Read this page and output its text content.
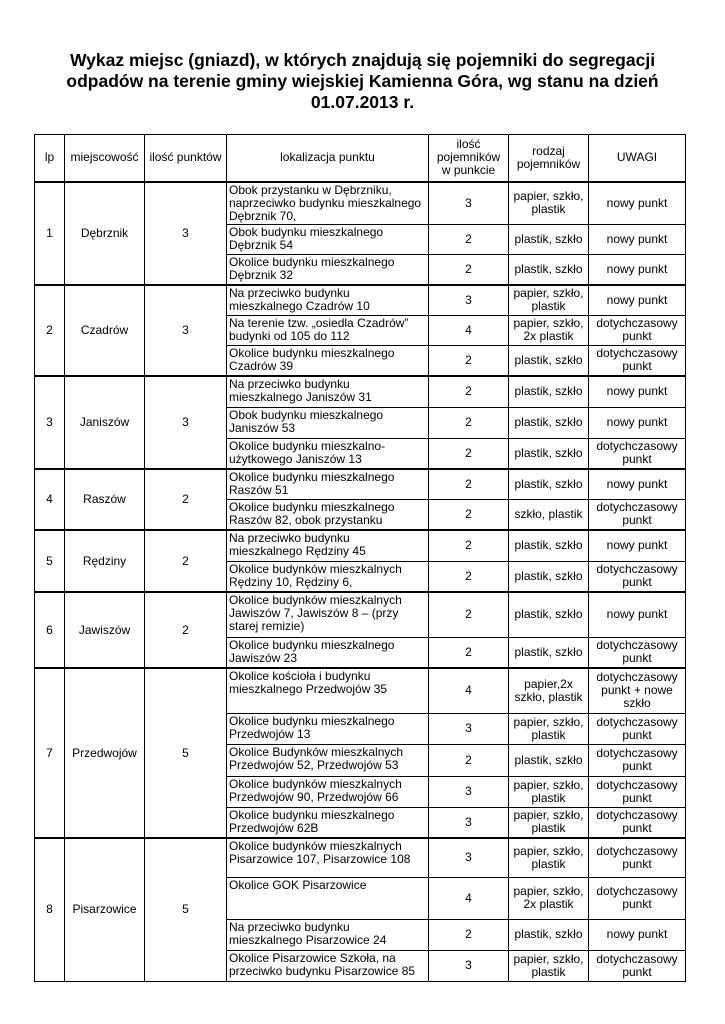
Wykaz miejsc (gniazd), w których znajdują się pojemniki do segregacji odpadów na terenie gminy wiejskiej Kamienna Góra, wg stanu na dzień 01.07.2013 r.
lp	miejscowość	ilość punktów	lokalizacja punktu	ilość pojemników w punkcie	rodzaj pojemników	UWAGI
1	Dębrznik	3	Obok przystanku w Dębrzniku, naprzeciwko budynku mieszkalnego Dębrznik 70,	3	papier, szkło, plastik	nowy punkt
			Obok budynku mieszkalnego Dębrznik 54	2	plastik, szkło	nowy punkt
			Okolice budynku mieszkalnego Dębrznik 32	2	plastik, szkło	nowy punkt
2	Czadrów	3	Na przeciwko budynku mieszkalnego Czadrów 10	3	papier, szkło, plastik	nowy punkt
			Na terenie tzw. „osiedla Czadrów” budynki od 105 do 112	4	papier, szkło, 2x plastik	dotychczasowy punkt
			Okolice budynku mieszkalnego Czadrów 39	2	plastik, szkło	dotychczasowy punkt
3	Janiszów	3	Na przeciwko budynku mieszkalnego Janiszów 31	2	plastik, szkło	nowy punkt
			Obok budynku mieszkalnego Janiszów 53	2	plastik, szkło	nowy punkt
			Okolice budynku mieszkalno-użytkowego Janiszów 13	2	plastik, szkło	dotychczasowy punkt
4	Raszów	2	Okolice budynku mieszkalnego Raszów 51	2	plastik, szkło	nowy punkt
			Okolice budynku mieszkalnego Raszów 82, obok przystanku	2	szkło, plastik	dotychczasowy punkt
5	Rędziny	2	Na przeciwko budynku mieszkalnego Rędziny 45	2	plastik, szkło	nowy punkt
			Okolice budynków mieszkalnych Rędziny 10, Rędziny 6,	2	plastik, szkło	dotychczasowy punkt
6	Jawiszów	2	Okolice budynków mieszkalnych Jawiszów 7, Jawiszów 8 – (przy starej remizie)	2	plastik, szkło	nowy punkt
			Okolice budynku mieszkalnego Jawiszów 23	2	plastik, szkło	dotychczasowy punkt
7	Przedwojów	5	Okolice kościoła i budynku mieszkalnego Przedwojów 35	4	papier,2x szkło, plastik	dotychczasowy punkt + nowe szkło
			Okolice budynku mieszkalnego Przedwojów 13	3	papier, szkło, plastik	dotychczasowy punkt
			Okolice Budynków mieszkalnych Przedwojów 52, Przedwojów 53	2	plastik, szkło	dotychczasowy punkt
			Okolice budynków mieszkalnych Przedwojów 90, Przedwojów 66	3	papier, szkło, plastik	dotychczasowy punkt
			Okolice budynku mieszkalnego Przedwojów 62B	3	papier, szkło, plastik	dotychczasowy punkt
8	Pisarzowice	5	Okolice budynków mieszkalnych Pisarzowice 107, Pisarzowice 108	3	papier, szkło, plastik	dotychczasowy punkt
			Okolice GOK Pisarzowice	4	papier, szkło, 2x plastik	dotychczasowy punkt
			Na przeciwko budynku mieszkalnego Pisarzowice 24	2	plastik, szkło	nowy punkt
			Okolice Pisarzowice Szkoła, na przeciwko budynku Pisarzowice 85	3	papier, szkło, plastik	dotychczasowy punkt
